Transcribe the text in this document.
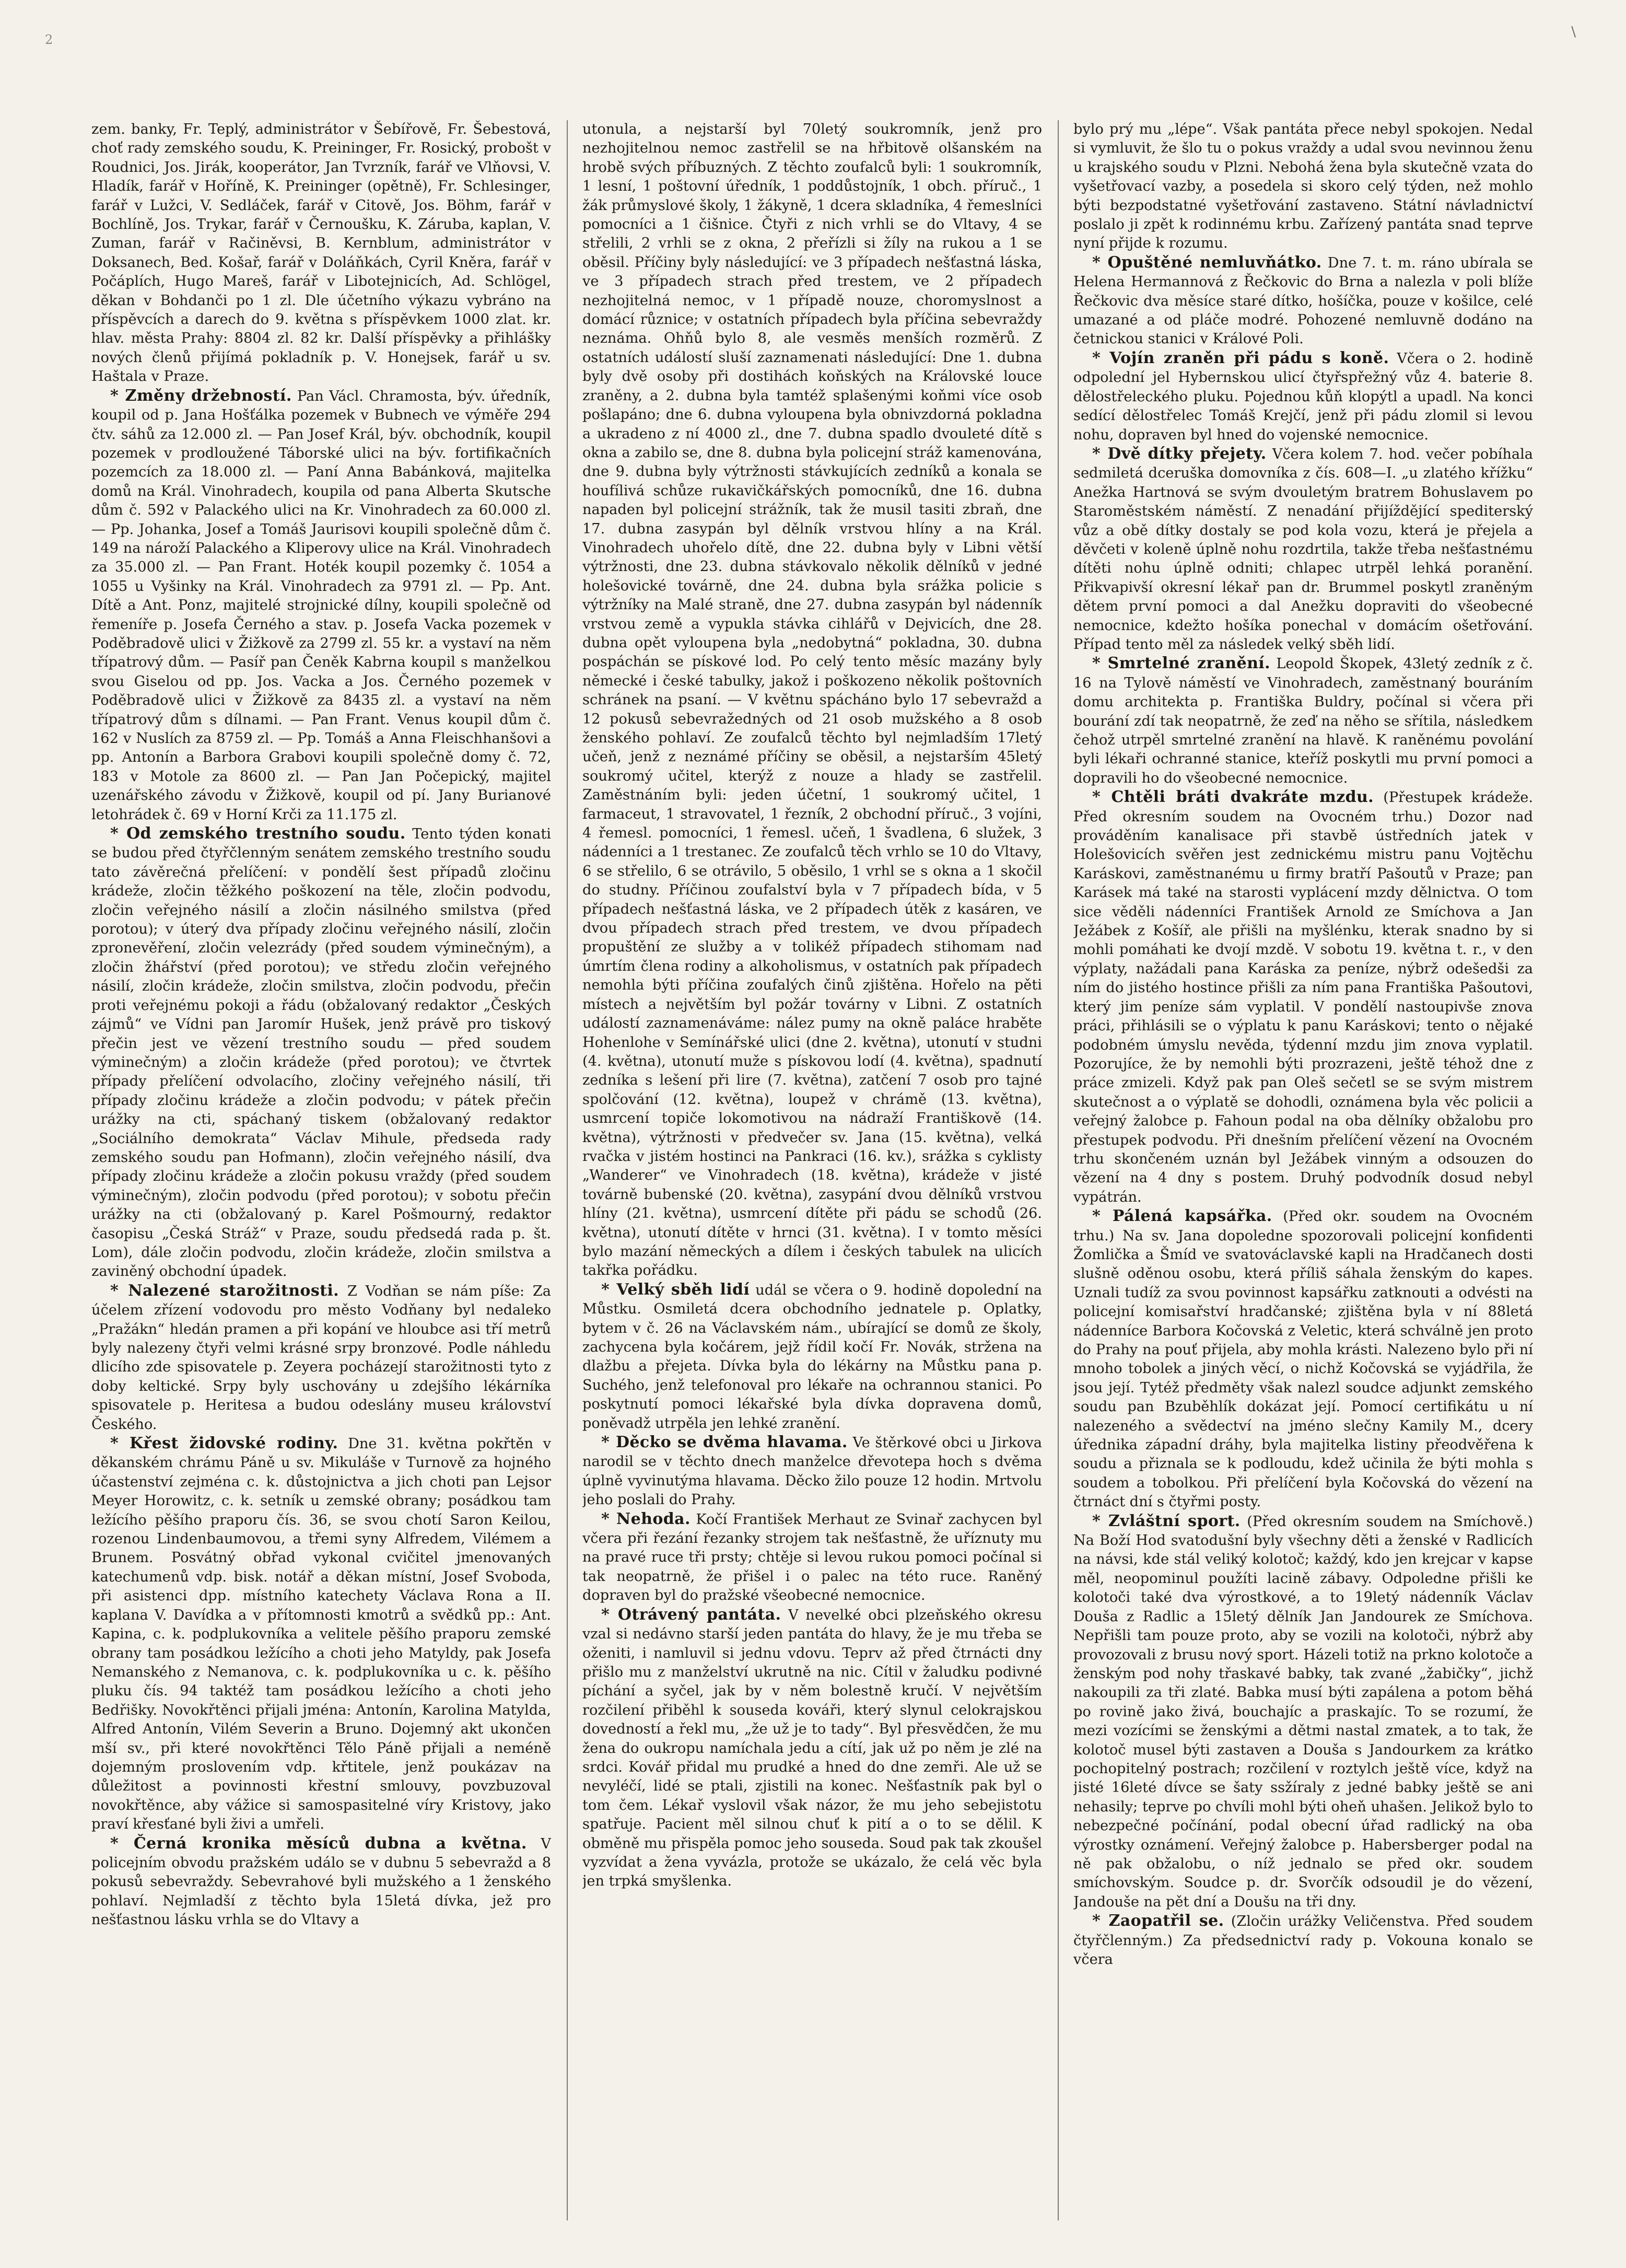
2	\

zem. banky, Fr. Teplý, administrátor v Šebířově, Fr. Šebestová, choť rady zemského soudu, K. Preininger, Fr. Rosický, probošt v Roudnici, Jos. Jirák, kooperátor, Jan Tvrzník, farář ve Vlňovsi, V. Hladík, farář v Hoříně, K. Preininger (opětně), Fr. Schlesinger, farář v Lužci, V. Sedláček, farář v Citově, Jos. Böhm, farář v Bochlíně, Jos. Trykar, farář v Černoušku, K. Záruba, kaplan, V. Zuman, farář v Račiněvsi, B. Kernblum, administrátor v Doksanech, Bed. Košař, farář v Doláňkách, Cyril Kněra, farář v Počáplích, Hugo Mareš, farář v Libotejnicích, Ad. Schlögel, děkan v Bohdanči po 1 zl. Dle účetního výkazu vybráno na příspěvcích a darech do 9. května s příspěvkem 1000 zlat. kr. hlav. města Prahy: 8804 zl. 82 kr. Další příspěvky a přihlášky nových členů přijímá pokladník p. V. Honejsek, farář u sv. Haštala v Praze.

* Změny držebností. Pan Václ. Chramosta, býv. úředník, koupil od p. Jana Hošťálka pozemek v Bubnech ve výměře 294 čtv. sáhů za 12.000 zl. — Pan Josef Král, býv. obchodník, koupil pozemek v prodloužené Táborské ulici na býv. fortifikačních pozemcích za 18.000 zl. — Paní Anna Babánková, majitelka domů na Král. Vinohradech, koupila od pana Alberta Skutsche dům č. 592 v Palackého ulici na Kr. Vinohradech za 60.000 zl. — Pp. Johanka, Josef a Tomáš Jaurisovi koupili společně dům č. 149 na nároží Palackého a Kliperovy ulice na Král. Vinohradech za 35.000 zl. — Pan Frant. Hoték koupil pozemky č. 1054 a 1055 u Vyšinky na Král. Vinohradech za 9791 zl. — Pp. Ant. Dítě a Ant. Ponz, majitelé strojnické dílny, koupili společně od řemeníře p. Josefa Černého a stav. p. Josefa Vacka pozemek v Poděbradově ulici v Žižkově za 2799 zl. 55 kr. a vystaví na něm třípatrový dům. — Pasíř pan Čeněk Kabrna koupil s manželkou svou Giselou od pp. Jos. Vacka a Jos. Černého pozemek v Poděbradově ulici v Žižkově za 8435 zl. a vystaví na něm třípatrový dům s dílnami. — Pan Frant. Venus koupil dům č. 162 v Nuslích za 8759 zl. — Pp. Tomáš a Anna Fleischhanšovi a pp. Antonín a Barbora Grabovi koupili společně domy č. 72, 183 v Motole za 8600 zl. — Pan Jan Počepický, majitel uzenářského závodu v Žižkově, koupil od pí. Jany Burianové letohrádek č. 69 v Horní Krči za 11.175 zl.

* Od zemského trestního soudu. Tento týden konati se budou před čtyřčlenným senátem zemského trestního soudu tato závěrečná přelíčení: v pondělí šest případů zločinu krádeže, zločin těžkého poškození na těle, zločin podvodu, zločin veřejného násilí a zločin násilného smilstva (před porotou); v úterý dva případy zločinu veřejného násilí, zločin zpronevěření, zločin velezrády (před soudem výminečným), a zločin žhářství (před porotou); ve středu zločin veřejného násilí, zločin krádeže, zločin smilstva, zločin podvodu, přečin proti veřejnému pokoji a řádu (obžalovaný redaktor „Českých zájmů“ ve Vídni pan Jaromír Hušek, jenž právě pro tiskový přečin jest ve vězení trestního soudu — před soudem výminečným) a zločin krádeže (před porotou); ve čtvrtek případy přelíčení odvolacího, zločiny veřejného násilí, tři případy zločinu krádeže a zločin podvodu; v pátek přečin urážky na cti, spáchaný tiskem (obžalovaný redaktor „Sociálního demokrata“ Václav Mihule, předseda rady zemského soudu pan Hofmann), zločin veřejného násilí, dva případy zločinu krádeže a zločin pokusu vraždy (před soudem výminečným), zločin podvodu (před porotou); v sobotu přečin urážky na cti (obžalovaný p. Karel Pošmourný, redaktor časopisu „Česká Stráž“ v Praze, soudu předsedá rada p. št. Lom), dále zločin podvodu, zločin krádeže, zločin smilstva a zaviněný obchodní úpadek.

* Nalezené starožitnosti. Z Vodňan se nám píše: Za účelem zřízení vodovodu pro město Vodňany byl nedaleko „Pražákn“ hledán pramen a při kopání ve hloubce asi tří metrů byly nalezeny čtyři velmi krásné srpy bronzové. Podle náhledu dlicího zde spisovatele p. Zeyera pocházejí starožitnosti tyto z doby keltické. Srpy byly uschovány u zdejšího lékárníka spisovatele p. Heritesa a budou odeslány museu království Českého.

* Křest židovské rodiny. Dne 31. května pokřtěn v děkanském chrámu Páně u sv. Mikuláše v Turnově za hojného účastenství zejména c. k. důstojnictva a jich choti pan Lejsor Meyer Horowitz, c. k. setník u zemské obrany; posádkou tam ležícího pěšího praporu čís. 36, se svou chotí Saron Keilou, rozenou Lindenbaumovou, a třemi syny Alfredem, Vilémem a Brunem. Posvátný obřad vykonal cvičitel jmenovaných katechumenů vdp. bisk. notář a děkan místní, Josef Svoboda, při asistenci dpp. místního katechety Václava Rona a II. kaplana V. Davídka a v přítomnosti kmotrů a svědků pp.: Ant. Kapina, c. k. podplukovníka a velitele pěšího praporu zemské obrany tam posádkou ležícího a choti jeho Matyldy, pak Josefa Nemanského z Nemanova, c. k. podplukovníka u c. k. pěšího pluku čís. 94 taktéž tam posádkou ležícího a choti jeho Bedřišky. Novokřtěnci přijali jména: Antonín, Karolina Matylda, Alfred Antonín, Vilém Severin a Bruno. Dojemný akt ukončen mší sv., při které novokřtěnci Tělo Páně přijali a neméně dojemným proslovením vdp. křtitele, jenž poukázav na důležitost a povinnosti křestní smlouvy, povzbuzoval novokřtěnce, aby vážice si samospasitelné víry Kristovy, jako praví křesťané byli živi a umřeli.

* Černá kronika měsíců dubna a května. V policejním obvodu pražském událo se v dubnu 5 sebevražd a 8 pokusů sebevraždy. Sebevrahové byli mužského a 1 ženského pohlaví. Nejmladší z těchto byla 15letá dívka, jež pro nešťastnou lásku vrhla se do Vltavy a

utonula, a nejstarší byl 70letý soukromník, jenž pro nezhojitelnou nemoc zastřelil se na hřbitově olšanském na hrobě svých příbuzných. Z těchto zoufalců byli: 1 soukromník, 1 lesní, 1 poštovní úředník, 1 poddůstojník, 1 obch. příruč., 1 žák průmyslové školy, 1 žákyně, 1 dcera skladníka, 4 řemeslníci pomocníci a 1 čišnice. Čtyři z nich vrhli se do Vltavy, 4 se střelili, 2 vrhli se z okna, 2 přeřízli si žíly na rukou a 1 se oběsil. Příčiny byly následující: ve 3 případech nešťastná láska, ve 3 případech strach před trestem, ve 2 případech nezhojitelná nemoc, v 1 případě nouze, choromyslnost a domácí různice; v ostatních případech byla příčina sebevraždy neznáma. Ohňů bylo 8, ale vesměs menších rozměrů. Z ostatních událostí sluší zaznamenati následující: Dne 1. dubna byly dvě osoby při dostihách koňských na Královské louce zraněny, a 2. dubna byla tamtéž splašenými koňmi více osob pošlapáno; dne 6. dubna vyloupena byla obnivzdorná pokladna a ukradeno z ní 4000 zl., dne 7. dubna spadlo dvouleté dítě s okna a zabilo se, dne 8. dubna byla policejní stráž kamenována, dne 9. dubna byly výtržnosti stávkujících zedníků a konala se houfílivá schůze rukavičkářských pomocníků, dne 16. dubna napaden byl policejní strážník, tak že musil tasiti zbraň, dne 17. dubna zasypán byl dělník vrstvou hlíny a na Král. Vinohradech uhořelo dítě, dne 22. dubna byly v Libni větší výtržnosti, dne 23. dubna stávkovalo několik dělníků v jedné holešovické továrně, dne 24. dubna byla srážka policie s výtržníky na Malé straně, dne 27. dubna zasypán byl nádenník vrstvou země a vypukla stávka cihlářů v Dejvicích, dne 28. dubna opět vyloupena byla „nedobytná“ pokladna, 30. dubna pospáchán se pískové lod. Po celý tento měsíc mazány byly německé i české tabulky, jakož i poškozeno několik poštovních schránek na psaní. — V květnu spácháno bylo 17 sebevražd a 12 pokusů sebevražedných od 21 osob mužského a 8 osob ženského pohlaví. Ze zoufalců těchto byl nejmladším 17letý učeň, jenž z neznámé příčiny se oběsil, a nejstarším 45letý soukromý učitel, kterýž z nouze a hlady se zastřelil. Zaměstnáním byli: jeden účetní, 1 soukromý učitel, 1 farmaceut, 1 stravovatel, 1 řezník, 2 obchodní příruč., 3 vojíni, 4 řemesl. pomocníci, 1 řemesl. učeň, 1 švadlena, 6 služek, 3 nádenníci a 1 trestanec. Ze zoufalců těch vrhlo se 10 do Vltavy, 6 se střelilo, 6 se otrávilo, 5 oběsilo, 1 vrhl se s okna a 1 skočil do studny. Příčinou zoufalství byla v 7 případech bída, v 5 případech nešťastná láska, ve 2 případech útěk z kasáren, ve dvou případech strach před trestem, ve dvou případech propuštění ze služby a v tolikéž případech stihomam nad úmrtím člena rodiny a alkoholismus, v ostatních pak případech nemohla býti příčina zoufalých činů zjištěna. Hořelo na pěti místech a největším byl požár továrny v Libni. Z ostatních událostí zaznamenáváme: nález pumy na okně paláce hraběte Hohenlohe v Semínářské ulici (dne 2. května), utonutí v studni (4. května), utonutí muže s pískovou lodí (4. května), spadnutí zedníka s lešení při lire (7. května), zatčení 7 osob pro tajné spolčování (12. května), loupež v chrámě (13. května), usmrcení topiče lokomotivou na nádraží Františkově (14. května), výtržnosti v předvečer sv. Jana (15. května), velká rvačka v jistém hostinci na Pankraci (16. kv.), srážka s cyklisty „Wanderer“ ve Vinohradech (18. května), krádeže v jisté továrně bubenské (20. května), zasypání dvou dělníků vrstvou hlíny (21. května), usmrcení dítěte při pádu se schodů (26. května), utonutí dítěte v hrnci (31. května). I v tomto měsíci bylo mazání německých a dílem i českých tabulek na ulicích takřka pořádku.

* Velký sběh lidí udál se včera o 9. hodině dopolední na Můstku. Osmiletá dcera obchodního jednatele p. Oplatky, bytem v č. 26 na Václavském nám., ubírající se domů ze školy, zachycena byla kočárem, jejž řídil kočí Fr. Novák, stržena na dlažbu a přejeta. Dívka byla do lékárny na Můstku pana p. Suchého, jenž telefonoval pro lékaře na ochrannou stanici. Po poskytnutí pomoci lékařské byla dívka dopravena domů, poněvadž utrpěla jen lehké zranění.

* Děcko se dvěma hlavama. Ve štěrkové obci u Jirkova narodil se v těchto dnech manželce dřevotepa hoch s dvěma úplně vyvinutýma hlavama. Děcko žilo pouze 12 hodin. Mrtvolu jeho poslali do Prahy.

* Nehoda. Kočí František Merhaut ze Svinař zachycen byl včera při řezání řezanky strojem tak nešťastně, že uříznuty mu na pravé ruce tři prsty; chtěje si levou rukou pomoci počínal si tak neopatrně, že přišel i o palec na této ruce. Raněný dopraven byl do pražské všeobecné nemocnice.

* Otrávený pantáta. V nevelké obci plzeňského okresu vzal si nedávno starší jeden pantáta do hlavy, že je mu třeba se oženiti, i namluvil si jednu vdovu. Teprv až před čtrnácti dny přišlo mu z manželství ukrutně na nic. Cítil v žaludku podivné píchání a syčel, jak by v něm bolestně kručí. V největším rozčilení přiběhl k souseda kováři, který slynul celokrajskou dovedností a řekl mu, „že už je to tady“. Byl přesvědčen, že mu žena do oukropu namíchala jedu a cítí, jak už po něm je zlé na srdci. Kovář přidal mu prudké a hned do dne zemři. Ale už se nevyléčí, lidé se ptali, zjistili na konec. Nešťastník pak byl o tom čem. Lékař vyslovil však názor, že mu jeho sebejistotu spatřuje. Pacient měl silnou chuť k pití a o to se dělil. K obměně mu přispěla pomoc jeho souseda. Soud pak tak zkoušel vyzvídat a žena vyvázla, protože se ukázalo, že celá věc byla jen trpká smyšlenka.

bylo prý mu „lépe“. Však pantáta přece nebyl spokojen. Nedal si vymluvit, že šlo tu o pokus vraždy a udal svou nevinnou ženu u krajského soudu v Plzni. Nebohá žena byla skutečně vzata do vyšetřovací vazby, a posedela si skoro celý týden, než mohlo býti bezpodstatné vyšetřování zastaveno. Státní návladnictví poslalo ji zpět k rodinnému krbu. Zařízený pantáta snad teprve nyní přijde k rozumu.

* Opuštěné nemluvňátko. Dne 7. t. m. ráno ubírala se Helena Hermannová z Řečkovic do Brna a nalezla v poli blíže Řečkovic dva měsíce staré dítko, hošíčka, pouze v košilce, celé umazané a od pláče modré. Pohozené nemluvně dodáno na četnickou stanici v Králové Poli.

* Vojín zraněn při pádu s koně. Včera o 2. hodině odpolední jel Hybernskou ulicí čtyřspřežný vůz 4. baterie 8. dělostřeleckého pluku. Pojednou kůň klopýtl a upadl. Na konci sedící dělostřelec Tomáš Krejčí, jenž při pádu zlomil si levou nohu, dopraven byl hned do vojenské nemocnice.

* Dvě dítky přejety. Včera kolem 7. hod. večer pobíhala sedmiletá dceruška domovníka z čís. 608—I. „u zlatého křížku“ Anežka Hartnová se svým dvouletým bratrem Bohuslavem po Staroměstském náměstí. Z nenadání přijíždějící spediterský vůz a obě dítky dostaly se pod kola vozu, která je přejela a děvčeti v koleně úplně nohu rozdrtila, takže třeba nešťastnému dítěti nohu úplně odniti; chlapec utrpěl lehká poranění. Přikvapivší okresní lékař pan dr. Brummel poskytl zraněným dětem první pomoci a dal Anežku dopraviti do všeobecné nemocnice, kdežto hošíka ponechal v domácím ošetřování. Případ tento měl za následek velký sběh lidí.

* Smrtelné zranění. Leopold Škopek, 43letý zedník z č. 16 na Tylově náměstí ve Vinohradech, zaměstnaný bouráním domu architekta p. Františka Buldry, počínal si včera při bourání zdí tak neopatrně, že zeď na něho se sřítila, následkem čehož utrpěl smrtelné zranění na hlavě. K raněnému povolání byli lékaři ochranné stanice, kteříž poskytli mu první pomoci a dopravili ho do všeobecné nemocnice.

* Chtěli bráti dvakráte mzdu. (Přestupek krádeže. Před okresním soudem na Ovocném trhu.) Dozor nad prováděním kanalisace při stavbě ústředních jatek v Holešovicích svěřen jest zednickému mistru panu Vojtěchu Karáskovi, zaměstnanému u firmy bratří Pašoutů v Praze; pan Karásek má také na starosti vyplácení mzdy dělnictva. O tom sice věděli nádenníci František Arnold ze Smíchova a Jan Ježábek z Košíř, ale přišli na myšlénku, kterak snadno by si mohli pomáhati ke dvojí mzdě. V sobotu 19. května t. r., v den výplaty, nažádali pana Karáska za peníze, nýbrž odešedši za ním do jistého hostince přišli za ním pana Františka Pašoutovi, který jim peníze sám vyplatil. V pondělí nastoupivše znova práci, přihlásili se o výplatu k panu Karáskovi; tento o nějaké podobném úmyslu nevěda, týdenní mzdu jim znova vyplatil. Pozorujíce, že by nemohli býti prozrazeni, ještě téhož dne z práce zmizeli. Když pak pan Oleš sečetl se se svým mistrem skutečnost a o výplatě se dohodli, oznámena byla věc policii a veřejný žalobce p. Fahoun podal na oba dělníky obžalobu pro přestupek podvodu. Při dnešním přelíčení vězení na Ovocném trhu skončeném uznán byl Ježábek vinným a odsouzen do vězení na 4 dny s postem. Druhý podvodník dosud nebyl vypátrán.

* Pálená kapsářka. (Před okr. soudem na Ovocném trhu.) Na sv. Jana dopoledne spozorovali policejní konfidenti Žomlička a Šmíd ve svatováclavské kapli na Hradčanech dosti slušně oděnou osobu, která příliš sáhala ženským do kapes. Uznali tudíž za svou povinnost kapsářku zatknouti a odvésti na policejní komisařství hradčanské; zjištěna byla v ní 88letá nádenníce Barbora Kočovská z Veletic, která schválně jen proto do Prahy na pouť přijela, aby mohla krásti. Nalezeno bylo při ní mnoho tobolek a jiných věcí, o nichž Kočovská se vyjádřila, že jsou její. Tytéž předměty však nalezl soudce adjunkt zemského soudu pan Bzuběhlík dokázat její. Pomocí certifikátu u ní nalezeného a svědectví na jméno slečny Kamily M., dcery úřednika západní dráhy, byla majitelka listiny přeodvěřena k soudu a přiznala se k podloudu, kdež učinila že býti mohla s soudem a tobolkou. Při přelíčení byla Kočovská do vězení na čtrnáct dní s čtyřmi posty.

* Zvláštní sport. (Před okresním soudem na Smíchově.) Na Boží Hod svatodušní byly všechny děti a ženské v Radlicích na návsi, kde stál veliký kolotoč; každý, kdo jen krejcar v kapse měl, neopominul použíti lacině zábavy. Odpoledne přišli ke kolotoči také dva výrostkové, a to 19letý nádenník Václav Douša z Radlic a 15letý dělník Jan Jandourek ze Smíchova. Nepřišli tam pouze proto, aby se vozili na kolotoči, nýbrž aby provozovali z brusu nový sport. Házeli totiž na prkno kolotoče a ženským pod nohy třaskavé babky, tak zvané „žabičky“, jichž nakoupili za tři zlaté. Babka musí býti zapálena a potom běhá po rovině jako živá, bouchajíc a praskajíc. To se rozumí, že mezi vozícími se ženskými a dětmi nastal zmatek, a to tak, že kolotoč musel býti zastaven a Douša s Jandourkem za krátko pochopitelný postrach; rozčilení v roztylch ještě více, když na jisté 16leté dívce se šaty ssžíraly z jedné babky ještě se ani nehasily; teprve po chvíli mohl býti oheň uhašen. Jelikož bylo to nebezpečné počínání, podal obecní úřad radlický na oba výrostky oznámení. Veřejný žalobce p. Habersberger podal na ně pak obžalobu, o níž jednalo se před okr. soudem smíchovským. Soudce p. dr. Svorčík odsoudil je do vězení, Jandouše na pět dní a Doušu na tři dny.

* Zaopatřil se. (Zločin urážky Veličenstva. Před soudem čtyřčlenným.) Za předsednictví rady p. Vokouna konalo se včera
